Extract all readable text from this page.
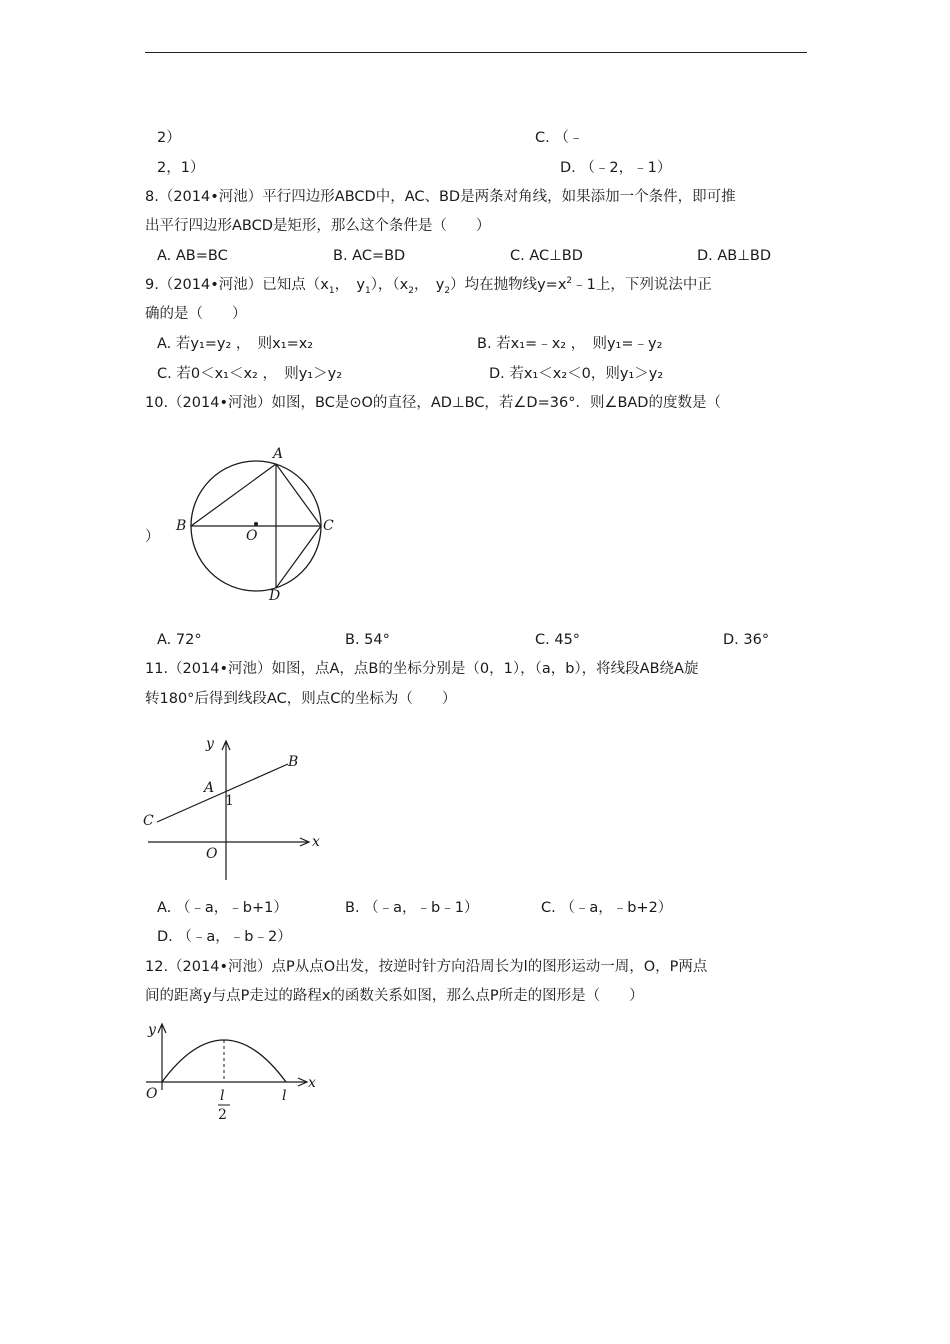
2）	C. （﹣
2，1）	D. （﹣2，﹣1）
8.（2014•河池）平行四边形ABCD中，AC、BD是两条对角线，如果添加一个条件，即可推
出平行四边形ABCD是矩形，那么这个条件是（　　）
A. AB=BC	B. AC=BD	C. AC⊥BD	D. AB⊥BD
9.（2014•河池）已知点（$x_1$，　$y_1$），（$x_2$，　$y_2$）均在抛物线$y=x^2﹣1$上，下列说法中正
确的是（　　）
A. 若y₁=y₂ ，　则x₁=x₂	B. 若x₁=﹣x₂ ，　则y₁=﹣y₂
C. 若0＜x₁＜x₂ ，　则y₁＞y₂	D. 若x₁＜x₂＜0，则y₁＞y₂
10.（2014•河池）如图，BC是⊙O的直径，AD⊥BC，若∠D=36°．则∠BAD的度数是（
）
A
B	C
D
O
A. 72°	B. 54°	C. 45°	D. 36°
11.（2014•河池）如图，点A，点B的坐标分别是（0，1），（a，b），将线段AB绕A旋
转180°后得到线段AC，则点C的坐标为（　　）
y
x
A
B
C
O
1
A. （﹣a，﹣b+1）	B. （﹣a，﹣b﹣1）	C. （﹣a，﹣b+2）
D. （﹣a，﹣b﹣2）
12.（2014•河池）点P从点O出发，按逆时针方向沿周长为l的图形运动一周，O，P两点
间的距离y与点P走过的路程x的函数关系如图，那么点P所走的图形是（　　）
y
x
O	l
l
2
